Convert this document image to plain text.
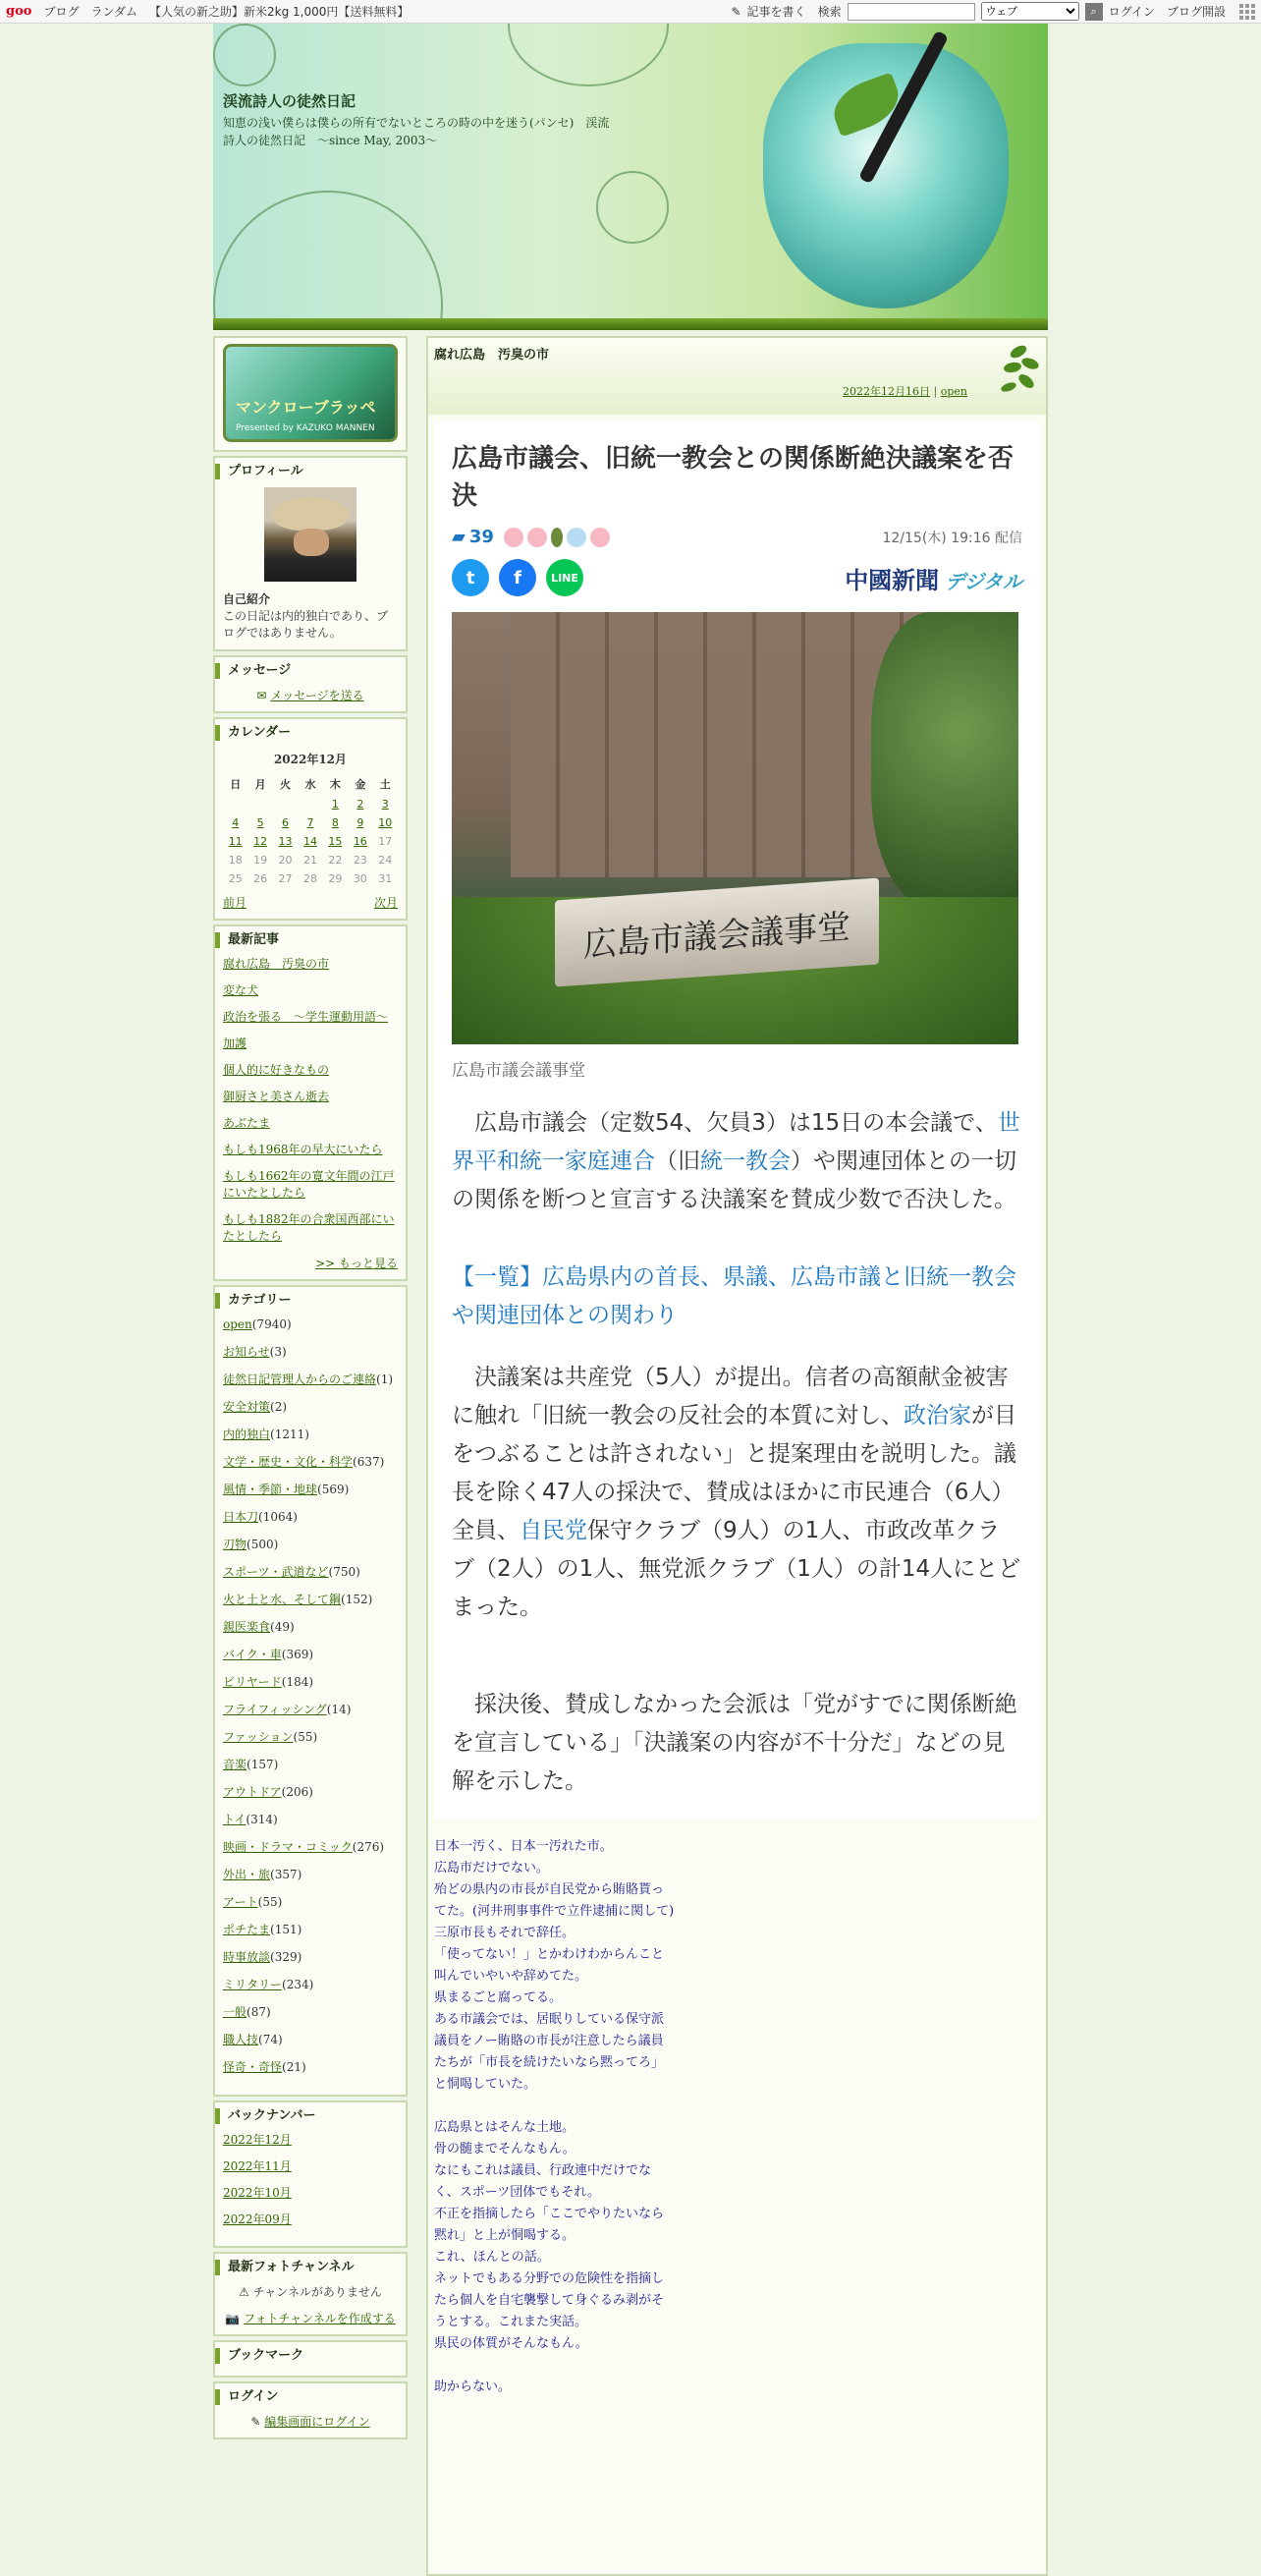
goo ブログ ランダム 【人気の新之助】新米2kg 1,000円【送料無料】	✎ 記事を書く 検索
ウェブ	⌕ ログイン ブログ開設
渓流詩人の徒然日記
知恵の浅い僕らは僕らの所有でないところの時の中を迷う(パンセ)　渓流詩人の徒然日記　～since May, 2003～
マンクローブラッペ
Presented by KAZUKO MANNEN
プロフィール

自己紹介

この日記は内的独白であり、ブログではありません。

メッセージ
✉ メッセージを送る
カレンダー
2022年12月
日	月	火	水	木	金	土
				1	2	3
4	5	6	7	8	9	10
11	12	13	14	15	16	17
18	19	20	21	22	23	24
25	26	27	28	29	30	31
前月	次月
最新記事
腐れ広島　汚臭の市
変な犬
政治を張る　〜学生運動用語〜
加護
個人的に好きなもの
御厨さと美さん逝去
あぶたま
もしも1968年の早大にいたら
もしも1662年の寛文年間の江戸にいたとしたら
もしも1882年の合衆国西部にいたとしたら
>> もっと見る
カテゴリー
open(7940)
お知らせ(3)
徒然日記管理人からのご連絡(1)
安全対策(2)
内的独白(1211)
文学・歴史・文化・科学(637)
風情・季節・地球(569)
日本刀(1064)
刃物(500)
スポーツ・武道など(750)
火と土と水、そして鋼(152)
親医楽食(49)
バイク・車(369)
ビリヤード(184)
フライフィッシング(14)
ファッション(55)
音楽(157)
アウトドア(206)
トイ(314)
映画・ドラマ・コミック(276)
外出・旅(357)
アート(55)
ポチたま(151)
時事放談(329)
ミリタリー(234)
一般(87)
職人技(74)
怪奇・奇怪(21)
バックナンバー
2022年12月
2022年11月
2022年10月
2022年09月
最新フォトチャンネル
⚠ チャンネルがありません
📷 フォトチャンネルを作成する
ブックマーク
ログイン
✎ 編集画面にログイン
腐れ広島　汚臭の市
2022年12月16日 | open
広島市議会、旧統一教会との関係断絶決議案を否決
▰ 39	12/15(木) 19:16 配信
t	f	LINE	中國新聞 デジタル
広島市議会議事堂
広島市議会議事堂
広島市議会（定数54、欠員3）は15日の本会議で、世界平和統一家庭連合（旧統一教会）や関連団体との一切の関係を断つと宣言する決議案を賛成少数で否決した。
【一覧】広島県内の首長、県議、広島市議と旧統一教会や関連団体との関わり
決議案は共産党（5人）が提出。信者の高額献金被害に触れ「旧統一教会の反社会的本質に対し、政治家が目をつぶることは許されない」と提案理由を説明した。議長を除く47人の採決で、賛成はほかに市民連合（6人）全員、自民党保守クラブ（9人）の1人、市政改革クラブ（2人）の1人、無党派クラブ（1人）の計14人にとどまった。
採決後、賛成しなかった会派は「党がすでに関係断絶を宣言している」「決議案の内容が不十分だ」などの見解を示した。
日本一汚く、日本一汚れた市。
広島市だけでない。
殆どの県内の市長が自民党から賄賂貰ってた。(河井刑事事件で立件逮捕に関して)
三原市長もそれで辞任。
「使ってない！」とかわけわからんこと叫んでいやいや辞めてた。
県まるごと腐ってる。
ある市議会では、居眠りしている保守派議員をノー賄賂の市長が注意したら議員たちが「市長を続けたいなら黙ってろ」と恫喝していた。
広島県とはそんな土地。
骨の髄までそんなもん。
なにもこれは議員、行政連中だけでなく、スポーツ団体でもそれ。
不正を指摘したら「ここでやりたいなら黙れ」と上が恫喝する。
これ、ほんとの話。
ネットでもある分野での危険性を指摘したら個人を自宅襲撃して身ぐるみ剥がそうとする。これまた実話。
県民の体質がそんなもん。
助からない。
